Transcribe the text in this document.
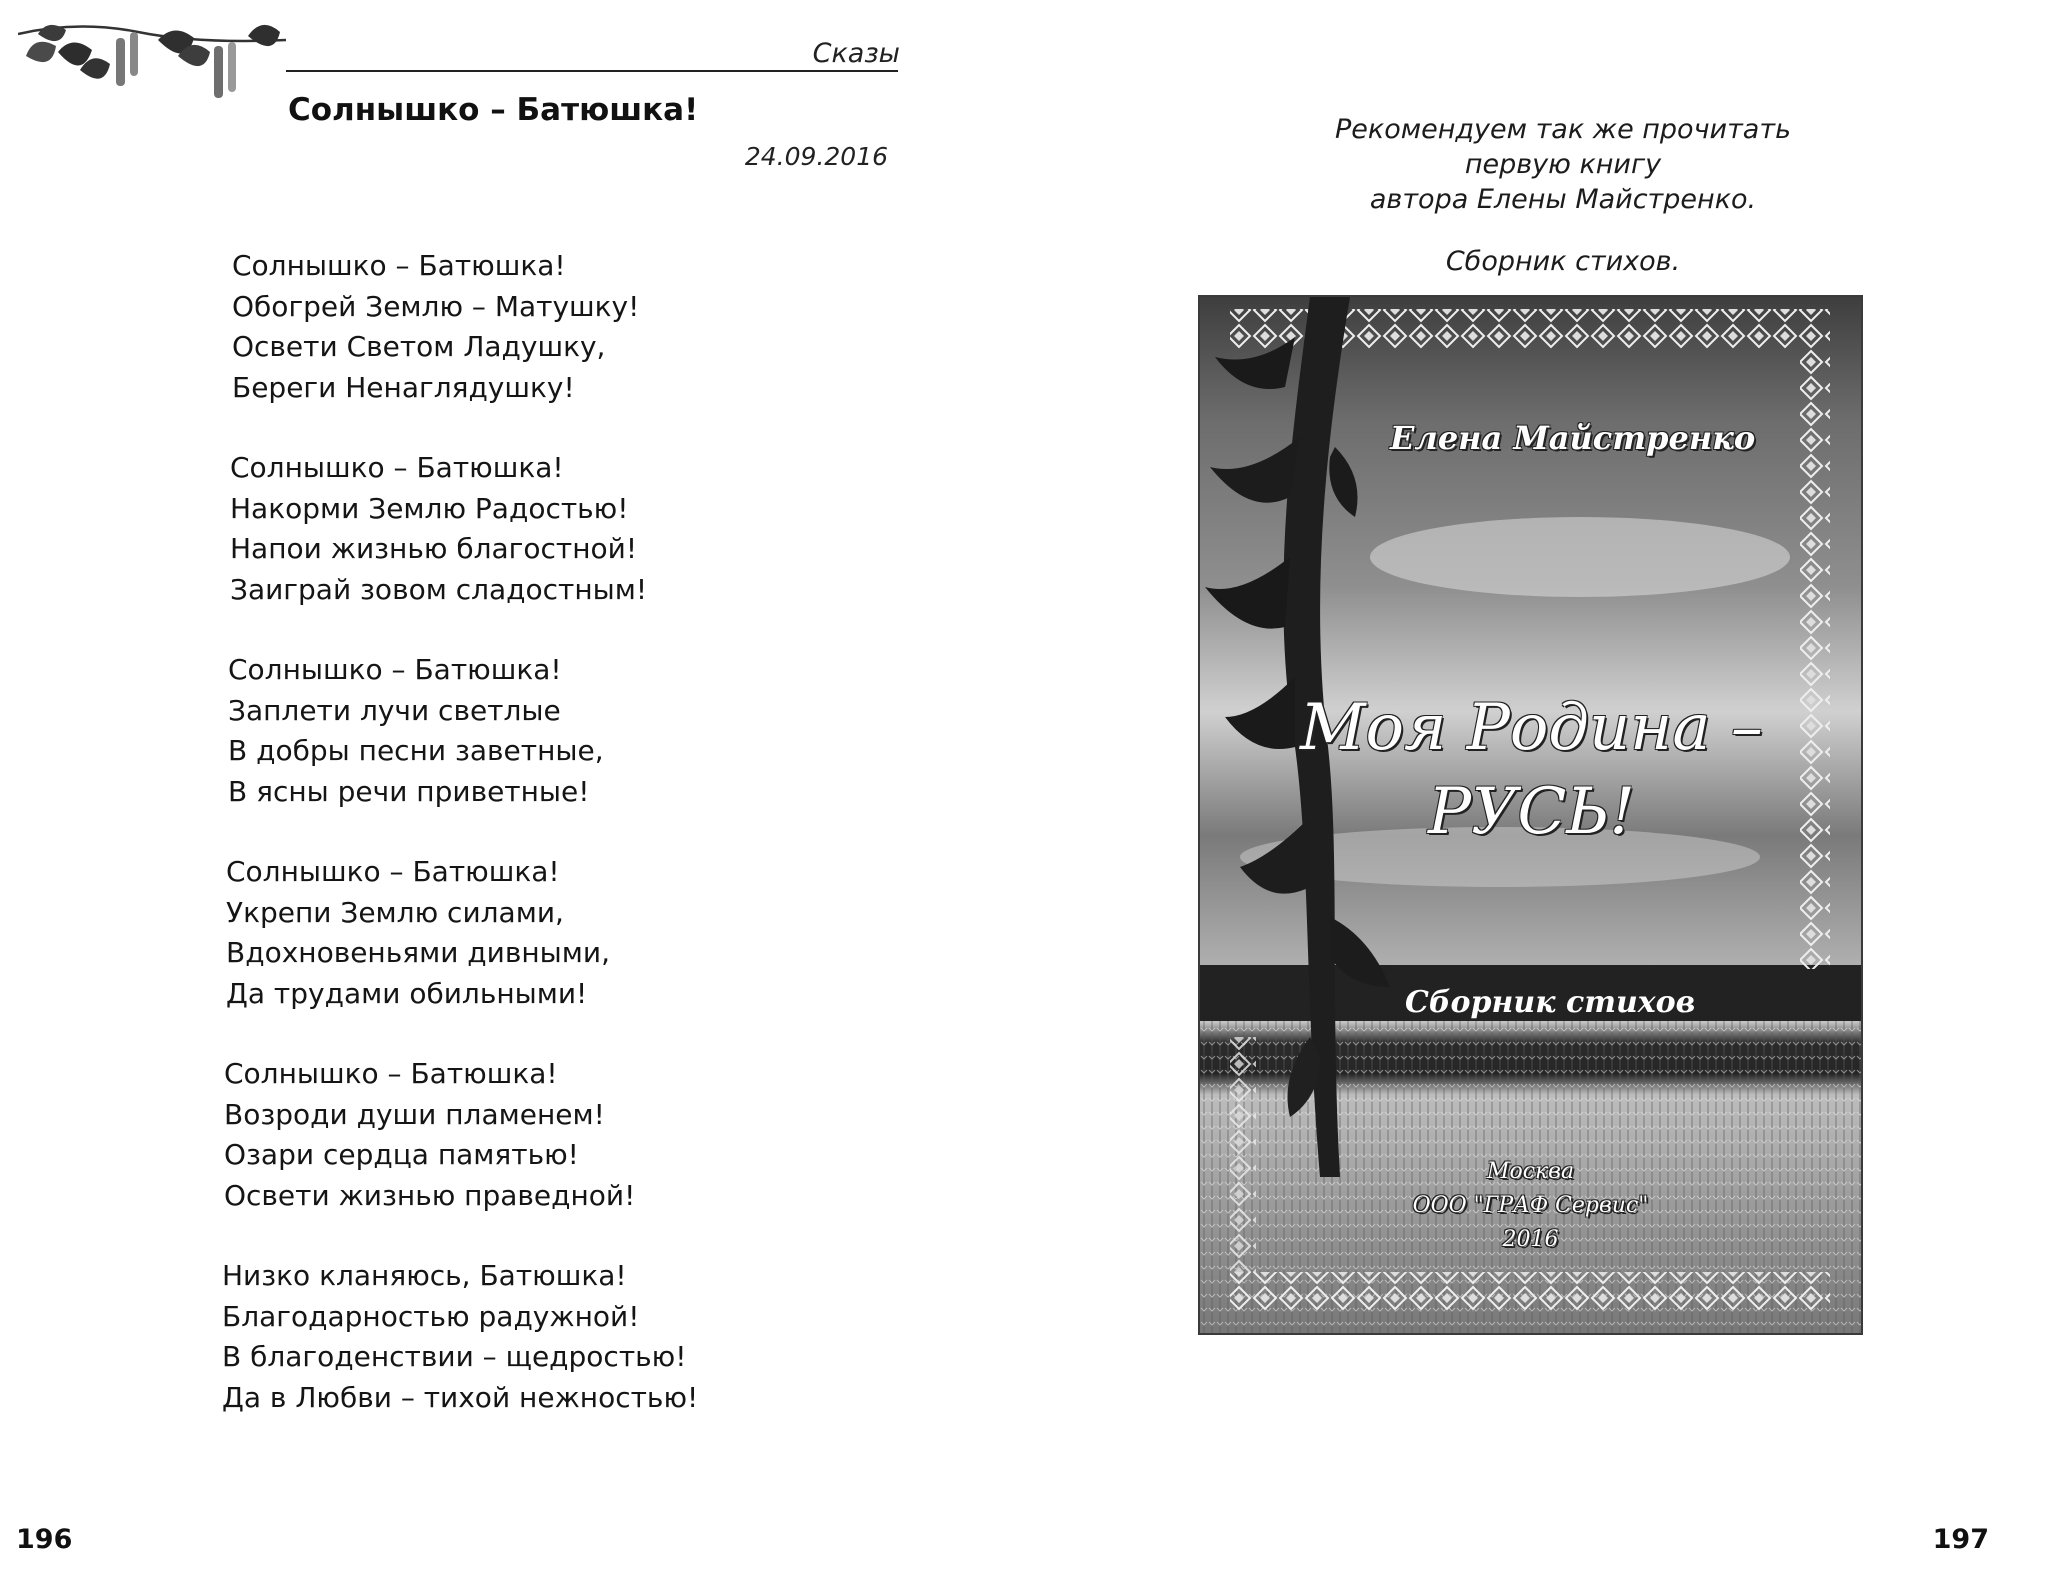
Сказы
Солнышко – Батюшка!
24.09.2016
Солнышко – Батюшка!
Обогрей Землю – Матушку!
Освети Светом Ладушку,
Береги Ненаглядушку!
Солнышко – Батюшка!
Накорми Землю Радостью!
Напои жизнью благостной!
Заиграй зовом сладостным!
Солнышко – Батюшка!
Заплети лучи светлые
В добры песни заветные,
В ясны речи приветные!
Солнышко – Батюшка!
Укрепи Землю силами,
Вдохновеньями дивными,
Да трудами обильными!
Солнышко – Батюшка!
Возроди души пламенем!
Озари сердца памятью!
Освети жизнью праведной!
Низко кланяюсь, Батюшка!
Благодарностью радужной!
В благоденствии – щедростью!
Да в Любви – тихой нежностью!
196
Рекомендуем так же прочитать
первую книгу
автора Елены Майстренко.
Сборник стихов.
Елена Майстренко
Моя Родина –
РУСЬ!
Сборник стихов
Москва
ООО "ГРАФ Сервис"
2016
197
